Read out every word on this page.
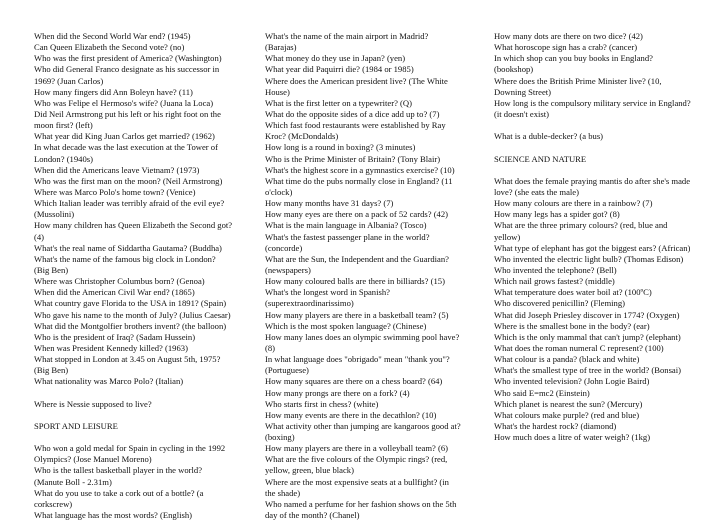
When did the Second World War end? (1945)
Can Queen Elizabeth the Second vote? (no)
Who was the first president of America? (Washington)
Who did General Franco designate as his successor in
1969? (Juan Carlos)
How many fingers did Ann Boleyn have? (11)
Who was Felipe el Hermoso's wife? (Juana la Loca)
Did Neil Armstrong put his left or his right foot on the
moon first? (left)
What year did King Juan Carlos get married? (1962)
In what decade was the last execution at the Tower of
London? (1940s)
When did the Americans leave Vietnam? (1973)
Who was the first man on the moon? (Neil Armstrong)
Where was Marco Polo's home town? (Venice)
Which Italian leader was terribly afraid of the evil eye?
(Mussolini)
How many children has Queen Elizabeth the Second got?
(4)
What's the real name of Siddartha Gautama? (Buddha)
What's the name of the famous big clock in London?
(Big Ben)
Where was Christopher Columbus born? (Genoa)
When did the American Civil War end? (1865)
What country gave Florida to the USA in 1891? (Spain)
Who gave his name to the month of July? (Julius Caesar)
What did the Montgolfier brothers invent? (the balloon)
Who is the president of Iraq? (Sadam Hussein)
When was President Kennedy killed? (1963)
What stopped in London at 3.45 on August 5th, 1975?
(Big Ben)
What nationality was Marco Polo? (Italian)
Where is Nessie supposed to live?
SPORT AND LEISURE
Who won a gold medal for Spain in cycling in the 1992
Olympics? (Jose Manuel Moreno)
Who is the tallest basketball player in the world?
(Manute Boll - 2.31m)
What do you use to take a cork out of a bottle? (a
corkscrew)
What language has the most words? (English)
What's the name of the main airport in Madrid?
(Barajas)
What money do they use in Japan? (yen)
What year did Paquirri die? (1984 or 1985)
Where does the American president live? (The White
House)
What is the first letter on a typewriter? (Q)
What do the opposite sides of a dice add up to? (7)
Which fast food restaurants were established by Ray
Kroc? (McDondalds)
How long is a round in boxing? (3 minutes)
Who is the Prime Minister of Britain? (Tony Blair)
What's the highest score in a gymnastics exercise? (10)
What time do the pubs normally close in England? (11
o'clock)
How many months have 31 days? (7)
How many eyes are there on a pack of 52 cards? (42)
What is the main language in Albania? (Tosco)
What's the fastest passenger plane in the world?
(concorde)
What are the Sun, the Independent and the Guardian?
(newspapers)
How many coloured balls are there in billiards? (15)
What's the longest word in Spanish?
(superextraordinarissimo)
How many players are there in a basketball team? (5)
Which is the most spoken language? (Chinese)
How many lanes does an olympic swimming pool have?
(8)
In what language does "obrigado" mean "thank you"?
(Portuguese)
How many squares are there on a chess board? (64)
How many prongs are there on a fork? (4)
Who starts first in chess? (white)
How many events are there in the decathlon? (10)
What activity other than jumping are kangaroos good at?
(boxing)
How many players are there in a volleyball team? (6)
What are the five colours of the Olympic rings? (red,
yellow, green, blue black)
Where are the most expensive seats at a bullfight? (in
the shade)
Who named a perfume for her fashion shows on the 5th
day of the month? (Chanel)
How many dots are there on two dice? (42)
What horoscope sign has a crab? (cancer)
In which shop can you buy books in England?
(bookshop)
Where does the British Prime Minister live? (10,
Downing Street)
How long is the compulsory military service in England?
(it doesn't exist)
What is a duble-decker? (a bus)
SCIENCE AND NATURE
What does the female praying mantis do after she's made
love? (she eats the male)
How many colours are there in a rainbow? (7)
How many legs has a spider got? (8)
What are the three primary colours? (red, blue and
yellow)
What type of elephant has got the biggest ears? (African)
Who invented the electric light bulb? (Thomas Edison)
Who invented the telephone? (Bell)
Which nail grows fastest? (middle)
What temperature does water boil at? (100ºC)
Who discovered penicillin? (Fleming)
What did Joseph Priesley discover in 1774? (Oxygen)
Where is the smallest bone in the body? (ear)
Which is the only mammal that can't jump? (elephant)
What does the roman numeral C represent? (100)
What colour is a panda? (black and white)
What's the smallest type of tree in the world? (Bonsai)
Who invented television? (John Logie Baird)
Who said E=mc2 (Einstein)
Which planet is nearest the sun? (Mercury)
What colours make purple? (red and blue)
What's the hardest rock? (diamond)
How much does a litre of water weigh? (1kg)
